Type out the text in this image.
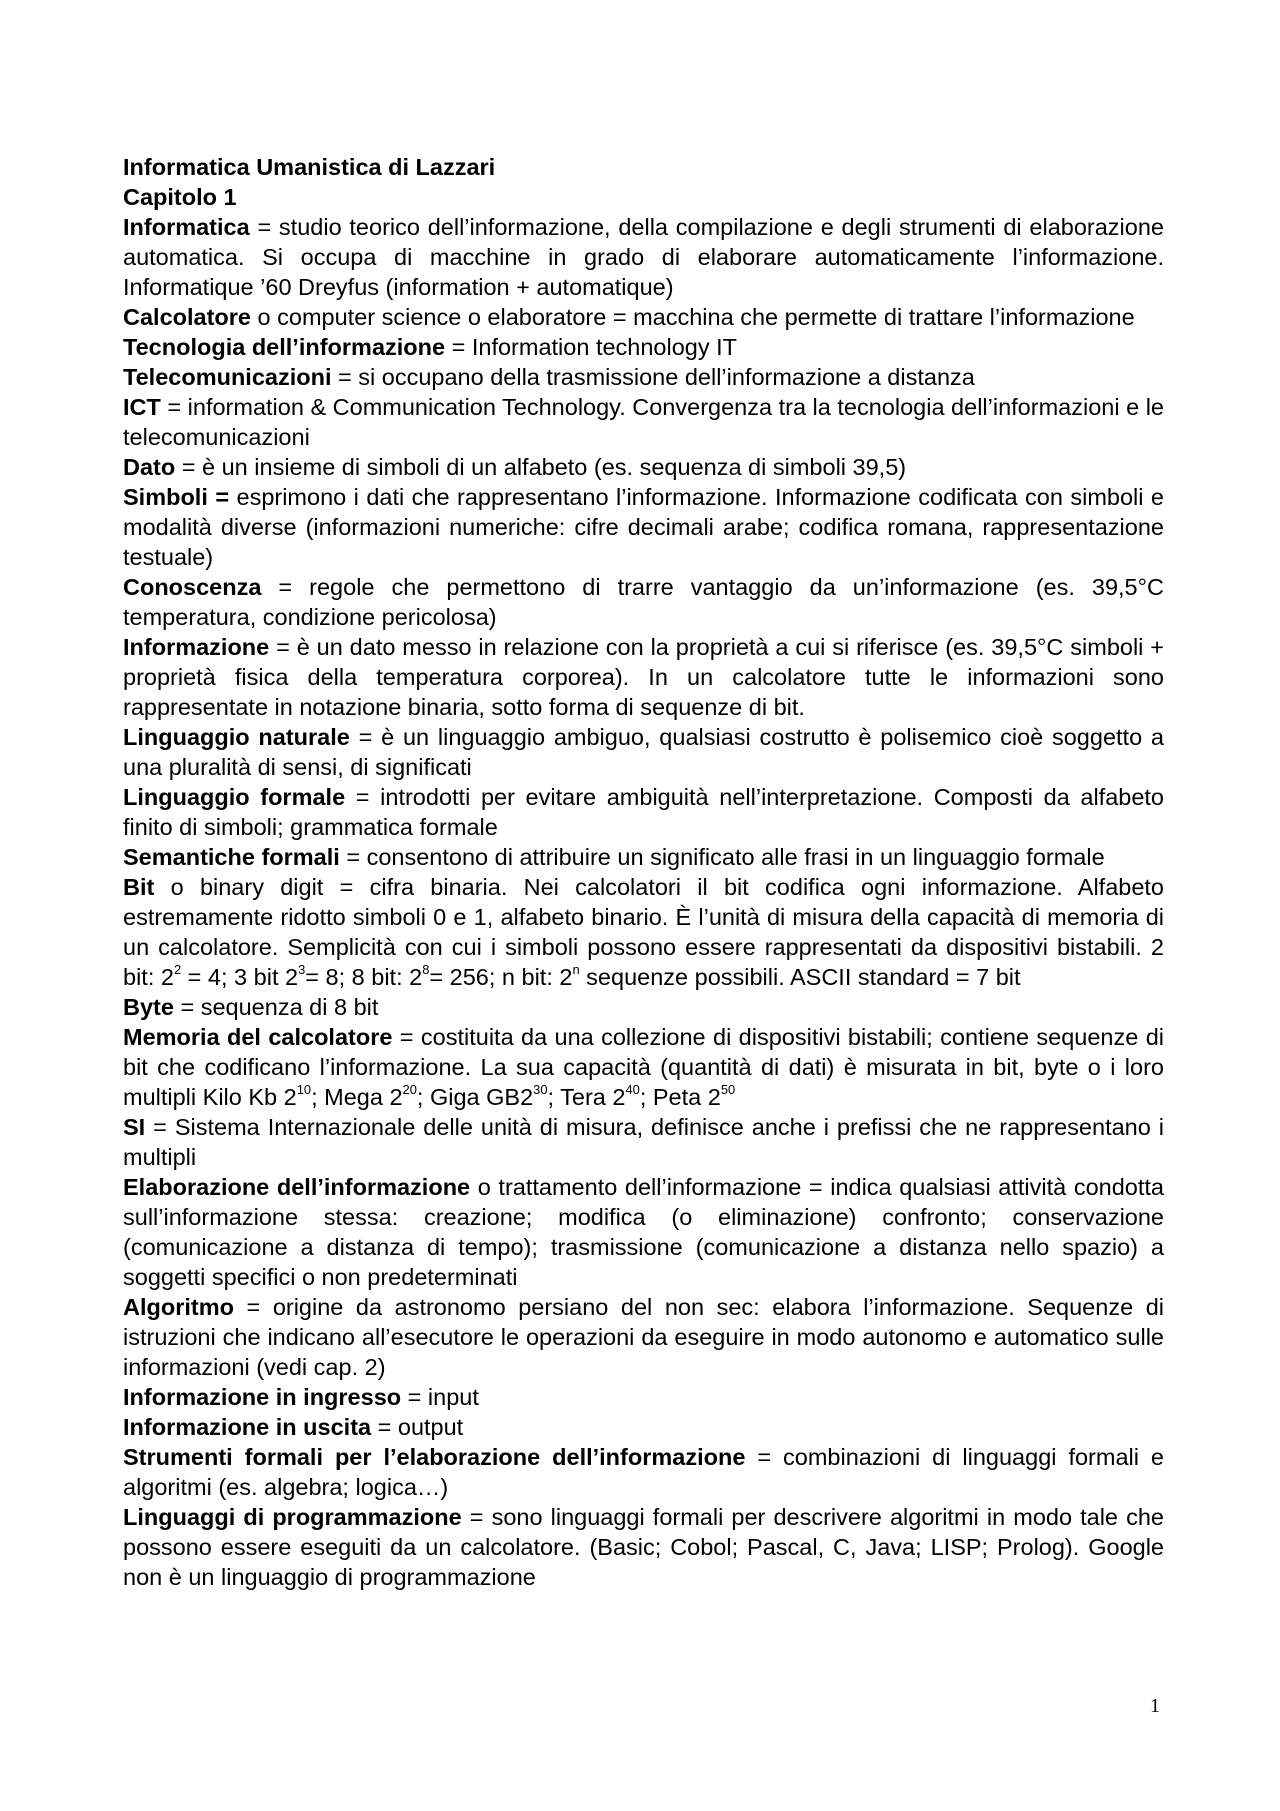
Informatica Umanistica di Lazzari

Capitolo 1

Informatica = studio teorico dell’informazione, della compilazione e degli strumenti di elaborazione automatica. Si occupa di macchine in grado di elaborare automaticamente l’informazione. Informatique ’60 Dreyfus (information + automatique)

Calcolatore o computer science o elaboratore = macchina che permette di trattare l’informazione

Tecnologia dell’informazione = Information technology IT

Telecomunicazioni = si occupano della trasmissione dell’informazione a distanza

ICT = information & Communication Technology. Convergenza tra la tecnologia dell’informazioni e le telecomunicazioni

Dato = è un insieme di simboli di un alfabeto (es. sequenza di simboli 39,5)

Simboli = esprimono i dati che rappresentano l’informazione. Informazione codificata con simboli e modalità diverse (informazioni numeriche: cifre decimali arabe; codifica romana, rappresentazione testuale)

Conoscenza = regole che permettono di trarre vantaggio da un’informazione (es. 39,5°C temperatura, condizione pericolosa)

Informazione = è un dato messo in relazione con la proprietà a cui si riferisce (es. 39,5°C simboli + proprietà fisica della temperatura corporea). In un calcolatore tutte le informazioni sono rappresentate in notazione binaria, sotto forma di sequenze di bit.

Linguaggio naturale = è un linguaggio ambiguo, qualsiasi costrutto è polisemico cioè soggetto a una pluralità di sensi, di significati

Linguaggio formale = introdotti per evitare ambiguità nell’interpretazione. Composti da alfabeto finito di simboli; grammatica formale

Semantiche formali = consentono di attribuire un significato alle frasi in un linguaggio formale

Bit o binary digit = cifra binaria. Nei calcolatori il bit codifica ogni informazione. Alfabeto estremamente ridotto simboli 0 e 1, alfabeto binario. È l’unità di misura della capacità di memoria di un calcolatore. Semplicità con cui i simboli possono essere rappresentati da dispositivi bistabili. 2 bit: $2^2 = 4$; 3 bit $2^3= 8$; 8 bit: $2^8= 256$; n bit: 2$^n$ sequenze possibili. ASCII standard = 7 bit

Byte = sequenza di 8 bit

Memoria del calcolatore = costituita da una collezione di dispositivi bistabili; contiene sequenze di bit che codificano l’informazione. La sua capacità (quantità di dati) è misurata in bit, byte o i loro multipli Kilo Kb $2^{10}$; Mega $2^{20}$; Giga $GB2^{30}$; Tera $2^{40}$; Peta $2^{50}$

SI = Sistema Internazionale delle unità di misura, definisce anche i prefissi che ne rappresentano i multipli

Elaborazione dell’informazione o trattamento dell’informazione = indica qualsiasi attività condotta sull’informazione stessa: creazione; modifica (o eliminazione) confronto; conservazione (comunicazione a distanza di tempo); trasmissione (comunicazione a distanza nello spazio) a soggetti specifici o non predeterminati

Algoritmo = origine da astronomo persiano del non sec: elabora l’informazione. Sequenze di istruzioni che indicano all’esecutore le operazioni da eseguire in modo autonomo e automatico sulle informazioni (vedi cap. 2)

Informazione in ingresso = input

Informazione in uscita = output

Strumenti formali per l’elaborazione dell’informazione = combinazioni di linguaggi formali e algoritmi (es. algebra; logica…)

Linguaggi di programmazione = sono linguaggi formali per descrivere algoritmi in modo tale che possono essere eseguiti da un calcolatore. (Basic; Cobol; Pascal, C, Java; LISP; Prolog). Google non è un linguaggio di programmazione

1
